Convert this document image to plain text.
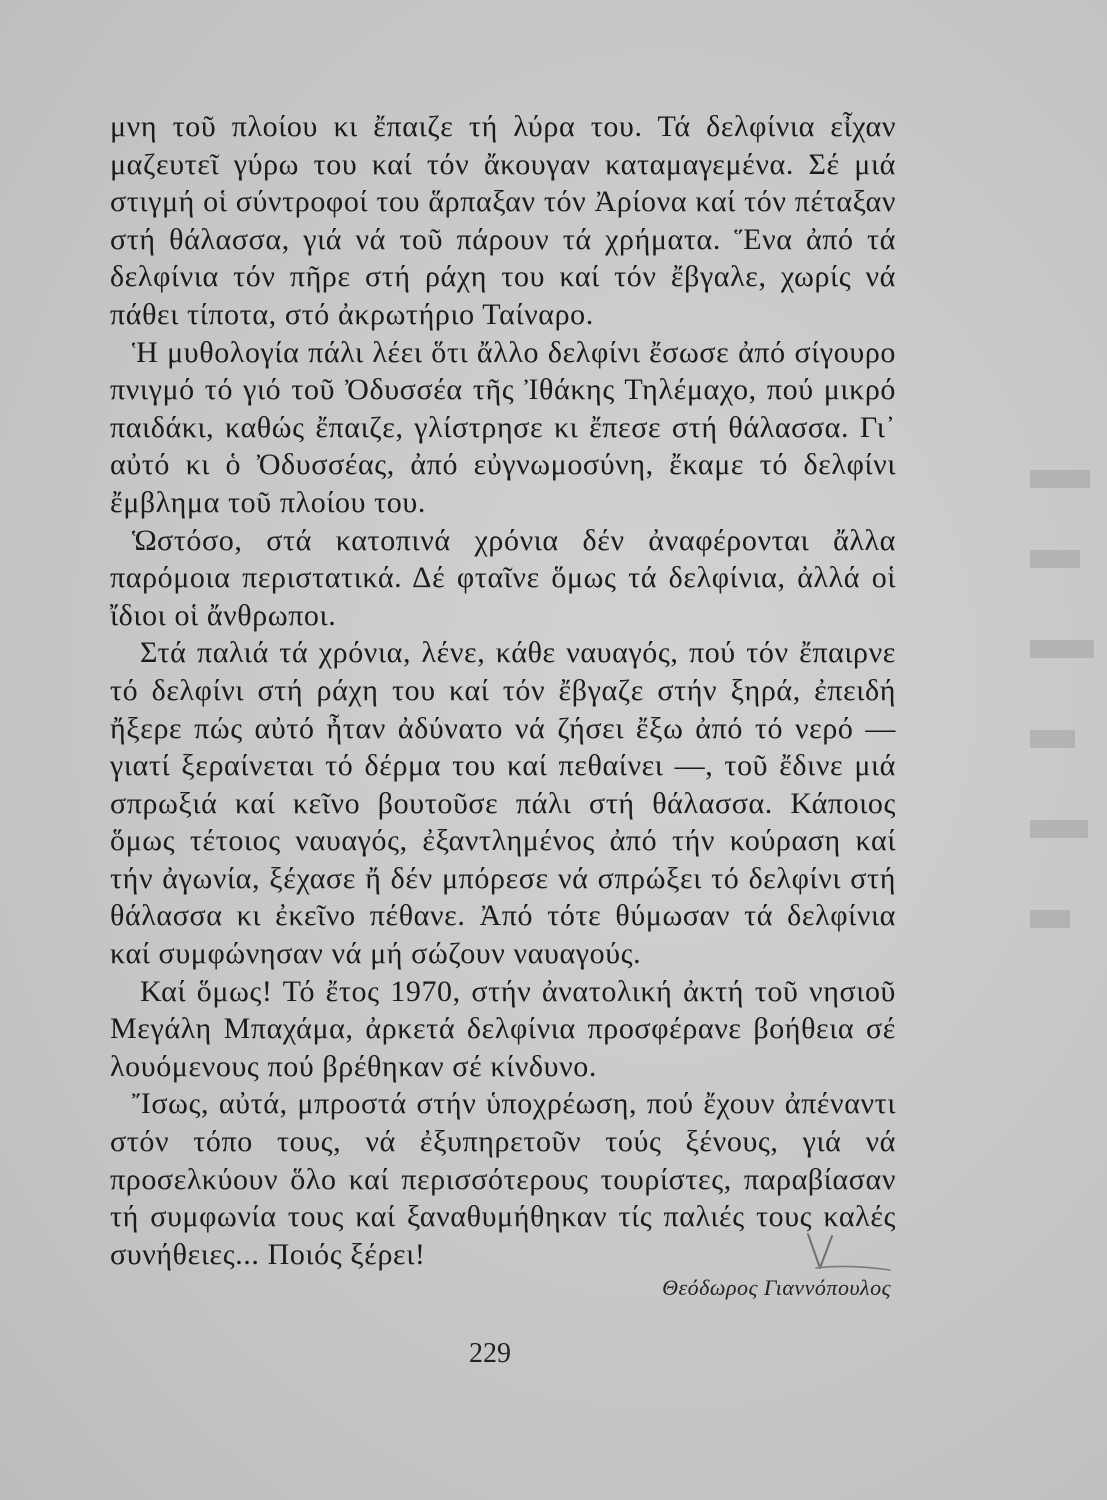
μνη τοῦ πλοίου κι ἔπαιζε τή λύρα του. Τά δελφίνια εἶχαν μαζευτεῖ γύρω του καί τόν ἄκουγαν καταμαγεμένα. Σέ μιά στιγμή οἱ σύντροφοί του ἅρπαξαν τόν Ἀρίονα καί τόν πέταξαν στή θάλασσα, γιά νά τοῦ πάρουν τά χρήματα. Ἕνα ἀπό τά δελφίνια τόν πῆρε στή ράχη του καί τόν ἔβγαλε, χωρίς νά πάθει τίποτα, στό ἀκρωτήριο Ταίναρο.

Ἡ μυθολογία πάλι λέει ὅτι ἄλλο δελφίνι ἔσωσε ἀπό σίγουρο πνιγμό τό γιό τοῦ Ὀδυσσέα τῆς Ἰθάκης Τηλέμαχο, πού μικρό παιδάκι, καθώς ἔπαιζε, γλίστρησε κι ἔπεσε στή θάλασσα. Γι᾽ αὐτό κι ὁ Ὀδυσσέας, ἀπό εὐγνωμοσύνη, ἔκαμε τό δελφίνι ἔμβλημα τοῦ πλοίου του.

Ὡστόσο, στά κατοπινά χρόνια δέν ἀναφέρονται ἄλλα παρόμοια περιστατικά. Δέ φταῖνε ὅμως τά δελφίνια, ἀλλά οἱ ἴδιοι οἱ ἄνθρωποι.

Στά παλιά τά χρόνια, λένε, κάθε ναυαγός, πού τόν ἔπαιρνε τό δελφίνι στή ράχη του καί τόν ἔβγαζε στήν ξηρά, ἐπειδή ἤξερε πώς αὐτό ἦταν ἀδύνατο νά ζήσει ἔξω ἀπό τό νερό — γιατί ξεραίνεται τό δέρμα του καί πεθαίνει —, τοῦ ἔδινε μιά σπρωξιά καί κεῖνο βουτοῦσε πάλι στή θάλασσα. Κάποιος ὅμως τέτοιος ναυαγός, ἐξαντλημένος ἀπό τήν κούραση καί τήν ἀγωνία, ξέχασε ἤ δέν μπόρεσε νά σπρώξει τό δελφίνι στή θάλασσα κι ἐκεῖνο πέθανε. Ἀπό τότε θύμωσαν τά δελφίνια καί συμφώνησαν νά μή σώζουν ναυαγούς.

Καί ὅμως! Τό ἔτος 1970, στήν ἀνατολική ἀκτή τοῦ νησιοῦ Μεγάλη Μπαχάμα, ἀρκετά δελφίνια προσφέρανε βοήθεια σέ λουόμενους πού βρέθηκαν σέ κίνδυνο.

Ἴσως, αὐτά, μπροστά στήν ὑποχρέωση, πού ἔχουν ἀπέναντι στόν τόπο τους, νά ἐξυπηρετοῦν τούς ξένους, γιά νά προσελκύουν ὅλο καί περισσότερους τουρίστες, παραβίασαν τή συμφωνία τους καί ξαναθυμήθηκαν τίς παλιές τους καλές συνήθειες... Ποιός ξέρει!

Θεόδωρος Γιαννόπουλος
229
